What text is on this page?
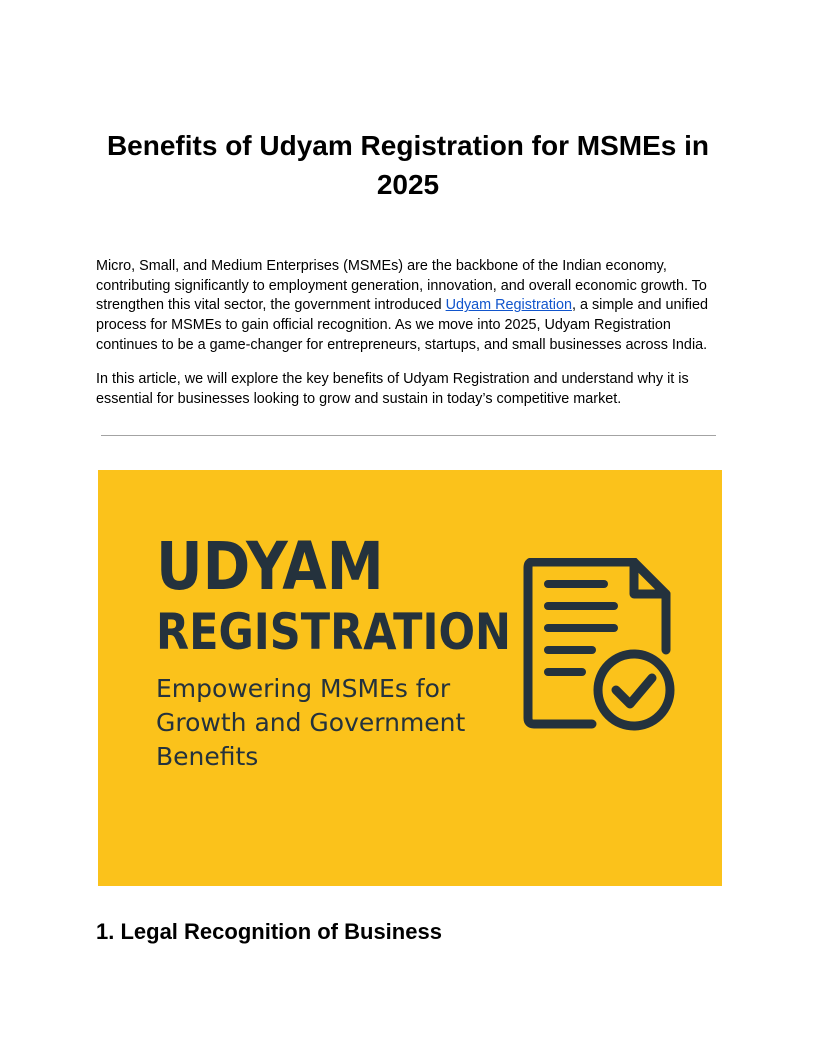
Benefits of Udyam Registration for MSMEs in 2025

Micro, Small, and Medium Enterprises (MSMEs) are the backbone of the Indian economy, contributing significantly to employment generation, innovation, and overall economic growth. To strengthen this vital sector, the government introduced Udyam Registration, a simple and unified process for MSMEs to gain official recognition. As we move into 2025, Udyam Registration continues to be a game-changer for entrepreneurs, startups, and small businesses across India.

In this article, we will explore the key benefits of Udyam Registration and understand why it is essential for businesses looking to grow and sustain in today’s competitive market.

UDYAM

REGISTRATION

Empowering MSMEs for Growth and Government Benefits

1. Legal Recognition of Business
